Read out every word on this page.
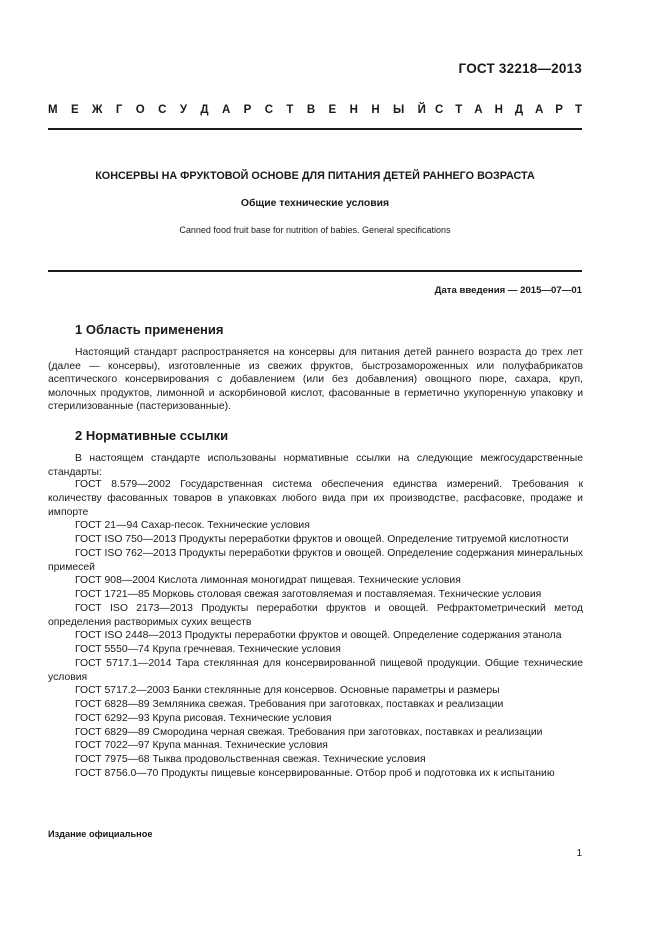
ГОСТ 32218—2013
М Е Ж Г О С У Д А Р С Т В Е Н Н Ы Й С Т А Н Д А Р Т
КОНСЕРВЫ НА ФРУКТОВОЙ ОСНОВЕ ДЛЯ ПИТАНИЯ ДЕТЕЙ РАННЕГО ВОЗРАСТА
Общие технические условия
Canned food fruit base for nutrition of babies. General specifications
Дата введения — 2015—07—01
1 Область применения
Настоящий стандарт распространяется на консервы для питания детей раннего возраста до трех лет (далее — консервы), изготовленные из свежих фруктов, быстрозамороженных или полуфабрикатов асептического консервирования с добавлением (или без добавления) овощного пюре, сахара, круп, молочных продуктов, лимонной и аскорбиновой кислот, фасованные в герметично укупоренную упаковку и стерилизованные (пастеризованные).
2 Нормативные ссылки
В настоящем стандарте использованы нормативные ссылки на следующие межгосударственные стандарты:
ГОСТ 8.579—2002 Государственная система обеспечения единства измерений. Требования к количеству фасованных товаров в упаковках любого вида при их производстве, расфасовке, продаже и импорте
ГОСТ 21—94 Сахар-песок. Технические условия
ГОСТ ISO 750—2013 Продукты переработки фруктов и овощей. Определение титруемой кислотности
ГОСТ ISO 762—2013 Продукты переработки фруктов и овощей. Определение содержания минеральных примесей
ГОСТ 908—2004 Кислота лимонная моногидрат пищевая. Технические условия
ГОСТ 1721—85 Морковь столовая свежая заготовляемая и поставляемая. Технические условия
ГОСТ ISO 2173—2013 Продукты переработки фруктов и овощей. Рефрактометрический метод определения растворимых сухих веществ
ГОСТ ISO 2448—2013 Продукты переработки фруктов и овощей. Определение содержания этанола
ГОСТ 5550—74 Крупа гречневая. Технические условия
ГОСТ 5717.1—2014 Тара стеклянная для консервированной пищевой продукции. Общие технические условия
ГОСТ 5717.2—2003 Банки стеклянные для консервов. Основные параметры и размеры
ГОСТ 6828—89 Земляника свежая. Требования при заготовках, поставках и реализации
ГОСТ 6292—93 Крупа рисовая. Технические условия
ГОСТ 6829—89 Смородина черная свежая. Требования при заготовках, поставках и реализации
ГОСТ 7022—97 Крупа манная. Технические условия
ГОСТ 7975—68 Тыква продовольственная свежая. Технические условия
ГОСТ 8756.0—70 Продукты пищевые консервированные. Отбор проб и подготовка их к испытанию
Издание официальное
1
